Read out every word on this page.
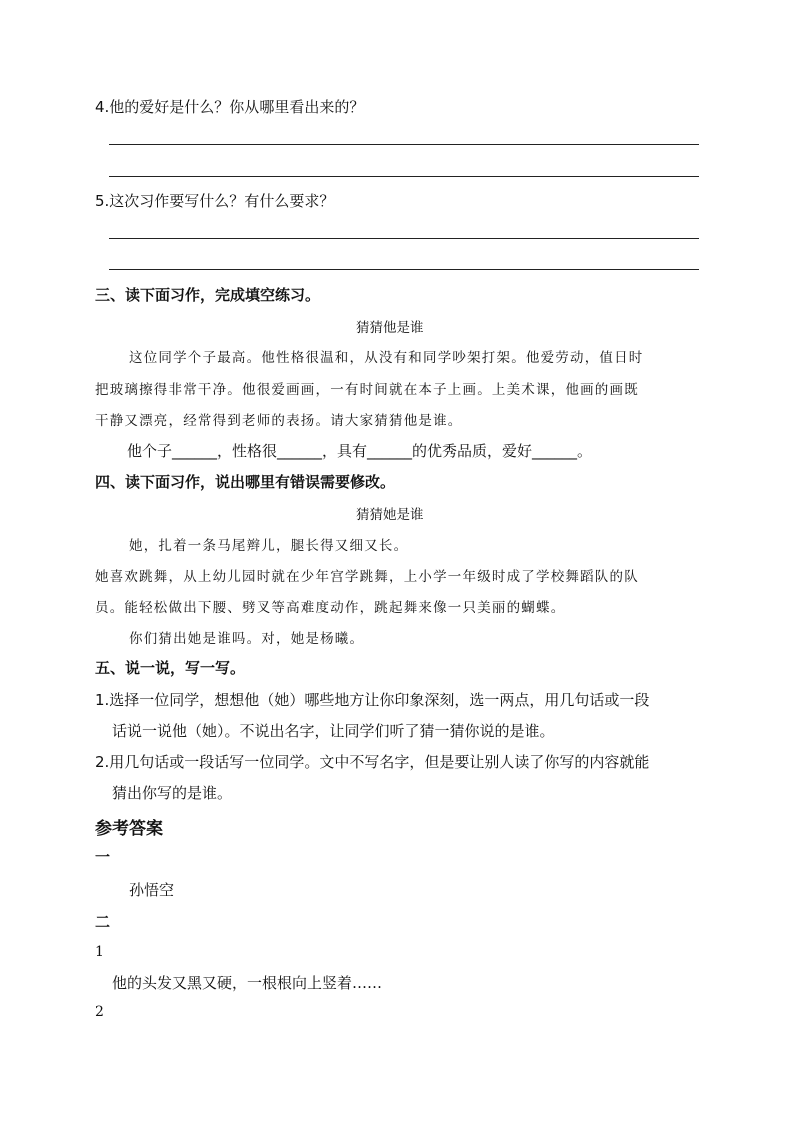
4.他的爱好是什么？你从哪里看出来的？
5.这次习作要写什么？有什么要求？
三、读下面习作，完成填空练习。
猜猜他是谁
这位同学个子最高。他性格很温和，从没有和同学吵架打架。他爱劳动，值日时
把玻璃擦得非常干净。他很爱画画，一有时间就在本子上画。上美术课，他画的画既
干静又漂亮，经常得到老师的表扬。请大家猜猜他是谁。
他个子______，性格很______，具有______的优秀品质，爱好______。
四、读下面习作，说出哪里有错误需要修改。
猜猜她是谁
她，扎着一条马尾辫儿，腿长得又细又长。
她喜欢跳舞，从上幼儿园时就在少年宫学跳舞，上小学一年级时成了学校舞蹈队的队
员。能轻松做出下腰、劈叉等高难度动作，跳起舞来像一只美丽的蝴蝶。
你们猜出她是谁吗。对，她是杨曦。
五、说一说，写一写。
1.选择一位同学，想想他（她）哪些地方让你印象深刻，选一两点，用几句话或一段
话说一说他（她）。不说出名字，让同学们听了猜一猜你说的是谁。
2.用几句话或一段话写一位同学。文中不写名字，但是要让别人读了你写的内容就能
猜出你写的是谁。
参考答案
一
孙悟空
二
1
他的头发又黑又硬，一根根向上竖着……
2
